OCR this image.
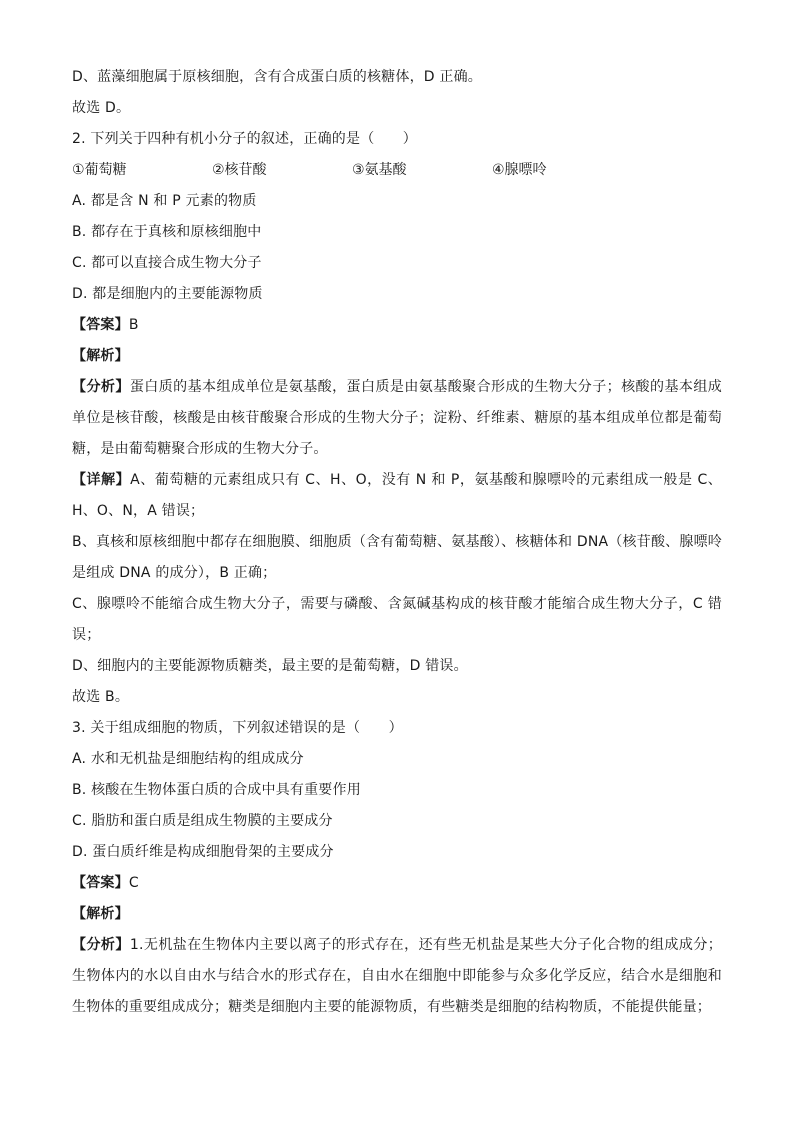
D、蓝藻细胞属于原核细胞，含有合成蛋白质的核糖体，D 正确。
故选 D。
2. 下列关于四种有机小分子的叙述，正确的是（　　）
①葡萄糖	②核苷酸	③氨基酸	④腺嘌呤
A. 都是含 N 和 P 元素的物质
B. 都存在于真核和原核细胞中
C. 都可以直接合成生物大分子
D. 都是细胞内的主要能源物质
【答案】B
【解析】
【分析】蛋白质的基本组成单位是氨基酸，蛋白质是由氨基酸聚合形成的生物大分子；核酸的基本组成单位是核苷酸，核酸是由核苷酸聚合形成的生物大分子；淀粉、纤维素、糖原的基本组成单位都是葡萄糖，是由葡萄糖聚合形成的生物大分子。
【详解】A、葡萄糖的元素组成只有 C、H、O，没有 N 和 P，氨基酸和腺嘌呤的元素组成一般是 C、H、O、N，A 错误；
B、真核和原核细胞中都存在细胞膜、细胞质（含有葡萄糖、氨基酸）、核糖体和 DNA（核苷酸、腺嘌呤是组成 DNA 的成分），B 正确；
C、腺嘌呤不能缩合成生物大分子，需要与磷酸、含氮碱基构成的核苷酸才能缩合成生物大分子，C 错误；
D、细胞内的主要能源物质糖类，最主要的是葡萄糖，D 错误。
故选 B。
3. 关于组成细胞的物质，下列叙述错误的是（　　）
A. 水和无机盐是细胞结构的组成成分
B. 核酸在生物体蛋白质的合成中具有重要作用
C. 脂肪和蛋白质是组成生物膜的主要成分
D. 蛋白质纤维是构成细胞骨架的主要成分
【答案】C
【解析】
【分析】1.无机盐在生物体内主要以离子的形式存在，还有些无机盐是某些大分子化合物的组成成分；生物体内的水以自由水与结合水的形式存在，自由水在细胞中即能参与众多化学反应，结合水是细胞和生物体的重要组成成分；糖类是细胞内主要的能源物质，有些糖类是细胞的结构物质，不能提供能量；
